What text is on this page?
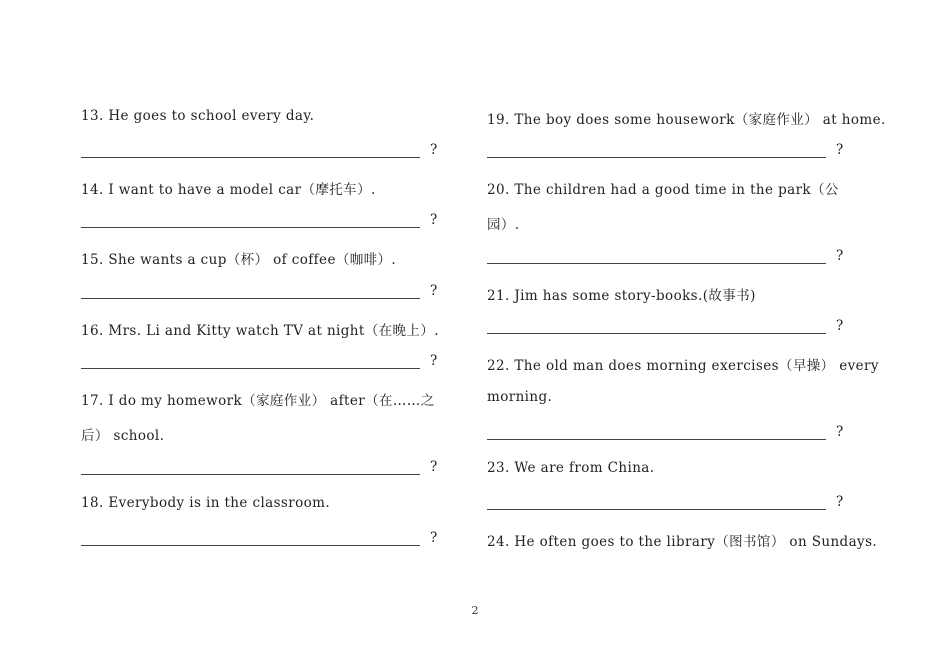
13. He goes to school every day.
?
14. I want to have a model car（摩托车）.
?
15. She wants a cup（杯） of coffee（咖啡）.
?
16. Mrs. Li and Kitty watch TV at night（在晚上）.
?
17. I do my homework（家庭作业） after（在……之
后） school.
?
18. Everybody is in the classroom.
?
19. The boy does some housework（家庭作业） at home.
?
20. The children had a good time in the park（公
园）.
?
21. Jim has some story-books.(故事书)
?
22. The old man does morning exercises（早操） every
morning.
?
23. We are from China.
?
24. He often goes to the library（图书馆） on Sundays.
2
